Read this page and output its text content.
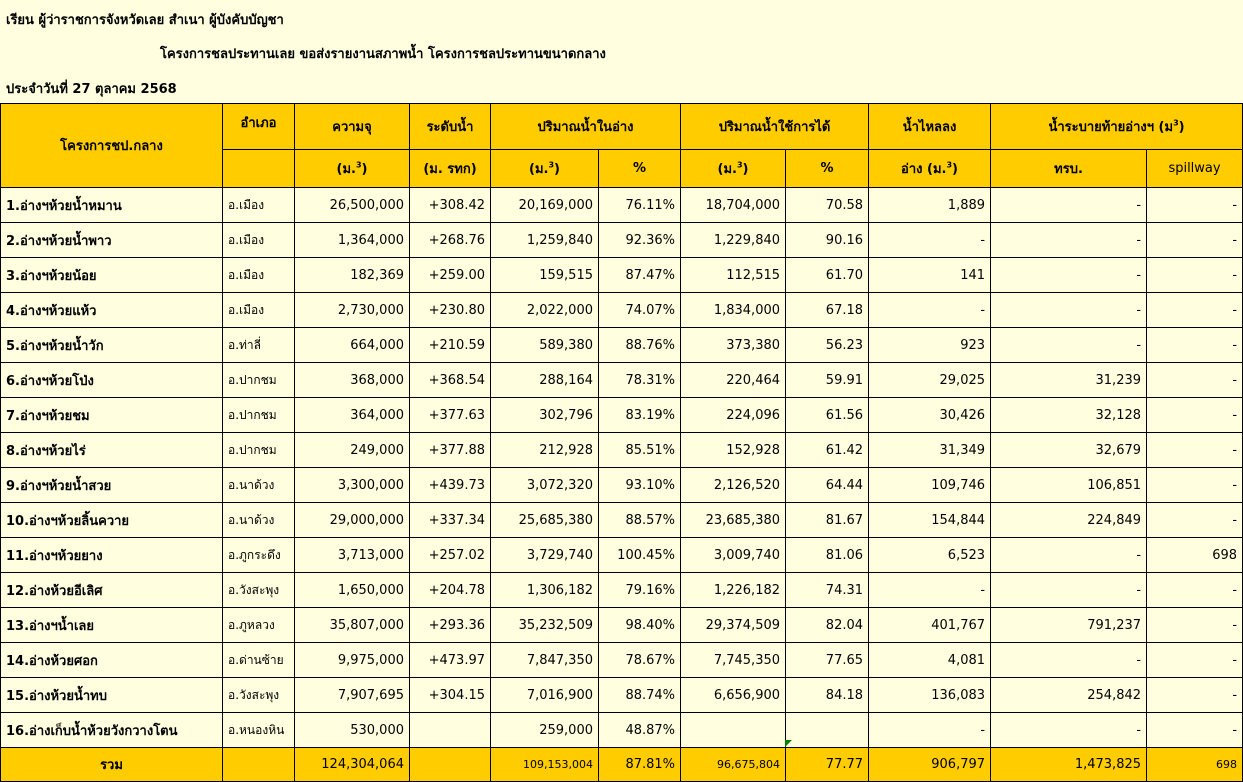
เรียน ผู้ว่าราชการจังหวัดเลย สำเนา ผู้บังคับบัญชา
โครงการชลประทานเลย ขอส่งรายงานสภาพน้ำ โครงการชลประทานขนาดกลาง
ประจำวันที่ 27 ตุลาคม 2568
โครงการชป.กลาง	อำเภอ	ความจุ	ระดับน้ำ	ปริมาณน้ำในอ่าง		ปริมาณน้ำใช้การได้		น้ำไหลลง	น้ำระบายท้ายอ่างฯ (ม$^3$)	
		(ม.$^3$)	(ม. รทก)	(ม.$^3$)	%	(ม.$^3$)	%	อ่าง (ม.$^3$)	ทรบ.	spillway
1.อ่างฯห้วยน้ำหมาน	อ.เมือง	26,500,000	+308.42	20,169,000	76.11%	18,704,000	70.58	1,889	-	-
2.อ่างฯห้วยน้ำพาว	อ.เมือง	1,364,000	+268.76	1,259,840	92.36%	1,229,840	90.16	-	-	-
3.อ่างฯห้วยน้อย	อ.เมือง	182,369	+259.00	159,515	87.47%	112,515	61.70	141	-	-
4.อ่างฯห้วยแห้ว	อ.เมือง	2,730,000	+230.80	2,022,000	74.07%	1,834,000	67.18	-	-	-
5.อ่างฯห้วยน้ำวัก	อ.ท่าลี่	664,000	+210.59	589,380	88.76%	373,380	56.23	923	-	-
6.อ่างฯห้วยโป่ง	อ.ปากชม	368,000	+368.54	288,164	78.31%	220,464	59.91	29,025	31,239	-
7.อ่างฯห้วยชม	อ.ปากชม	364,000	+377.63	302,796	83.19%	224,096	61.56	30,426	32,128	-
8.อ่างฯห้วยไร่	อ.ปากชม	249,000	+377.88	212,928	85.51%	152,928	61.42	31,349	32,679	-
9.อ่างฯห้วยน้ำสวย	อ.นาด้วง	3,300,000	+439.73	3,072,320	93.10%	2,126,520	64.44	109,746	106,851	-
10.อ่างฯห้วยลิ้นควาย	อ.นาด้วง	29,000,000	+337.34	25,685,380	88.57%	23,685,380	81.67	154,844	224,849	-
11.อ่างฯห้วยยาง	อ.ภูกระดึง	3,713,000	+257.02	3,729,740	100.45%	3,009,740	81.06	6,523	-	698
12.อ่างห้วยอีเลิศ	อ.วังสะพุง	1,650,000	+204.78	1,306,182	79.16%	1,226,182	74.31	-	-	-
13.อ่างฯน้ำเลย	อ.ภูหลวง	35,807,000	+293.36	35,232,509	98.40%	29,374,509	82.04	401,767	791,237	-
14.อ่างห้วยศอก	อ.ด่านซ้าย	9,975,000	+473.97	7,847,350	78.67%	7,745,350	77.65	4,081	-	-
15.อ่างห้วยน้ำทบ	อ.วังสะพุง	7,907,695	+304.15	7,016,900	88.74%	6,656,900	84.18	136,083	254,842	-
16.อ่างเก็บน้ำห้วยวังกวางโตน	อ.หนองหิน	530,000		259,000	48.87%			-	-	-
รวม		124,304,064		109,153,004	87.81%	96,675,804	77.77	906,797	1,473,825	698
